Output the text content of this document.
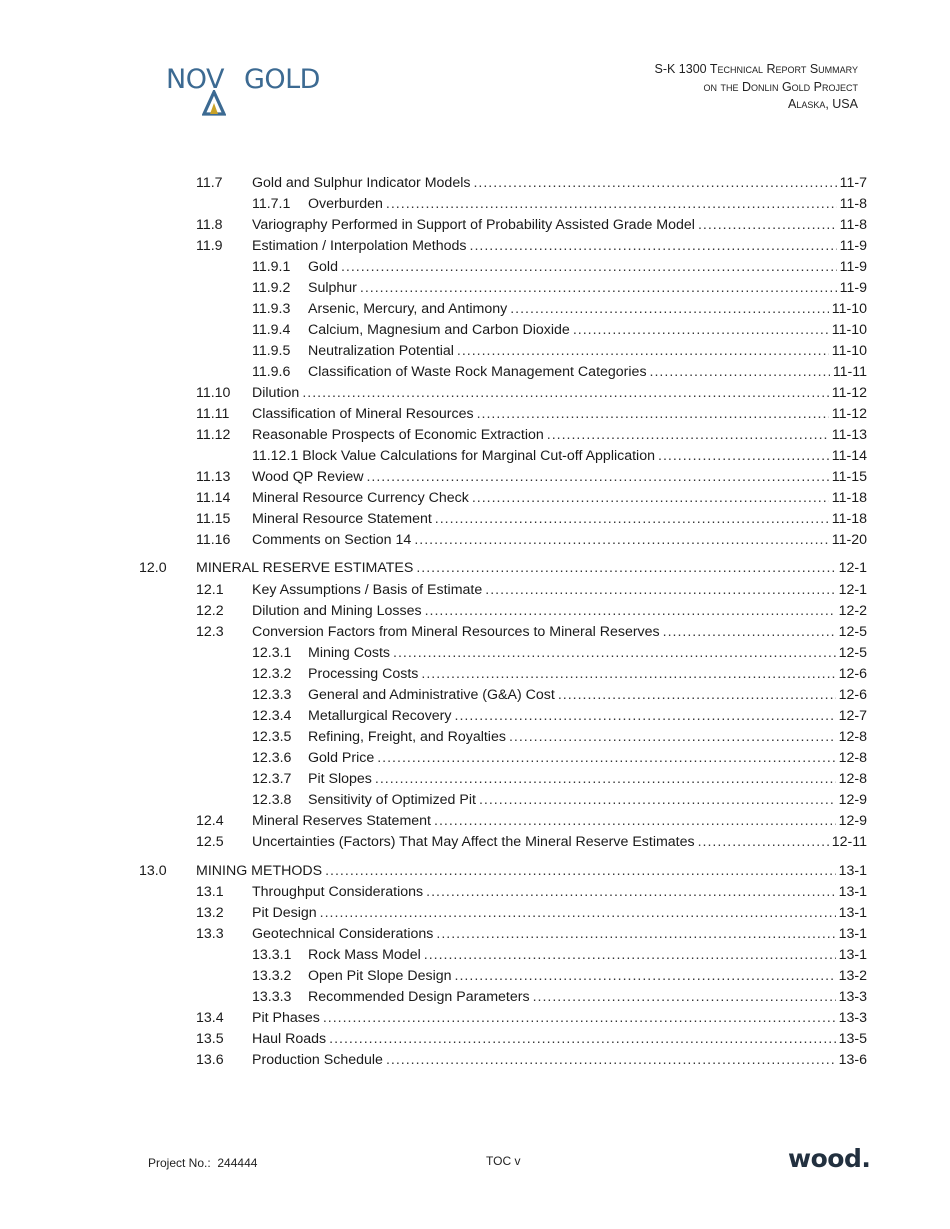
NOV GOLD	S-K 1300 Technical Report Summary
on the Donlin Gold Project
Alaska, USA
11.7 Gold and Sulphur Indicator Models .....	11-7
11.7.1 Overburden .....	11-8
11.8 Variography Performed in Support of Probability Assisted Grade Model .....	11-8
11.9 Estimation / Interpolation Methods .....	11-9
11.9.1 Gold .....	11-9
11.9.2 Sulphur .....	11-9
11.9.3 Arsenic, Mercury, and Antimony .....	11-10
11.9.4 Calcium, Magnesium and Carbon Dioxide .....	11-10
11.9.5 Neutralization Potential .....	11-10
11.9.6 Classification of Waste Rock Management Categories .....	11-11
11.10 Dilution .....	11-12
11.11 Classification of Mineral Resources .....	11-12
11.12 Reasonable Prospects of Economic Extraction .....	11-13
11.12.1 Block Value Calculations for Marginal Cut-off Application .....	11-14
11.13 Wood QP Review .....	11-15
11.14 Mineral Resource Currency Check .....	11-18
11.15 Mineral Resource Statement .....	11-18
11.16 Comments on Section 14 .....	11-20
12.0 MINERAL RESERVE ESTIMATES .....	12-1
12.1 Key Assumptions / Basis of Estimate .....	12-1
12.2 Dilution and Mining Losses .....	12-2
12.3 Conversion Factors from Mineral Resources to Mineral Reserves .....	12-5
12.3.1 Mining Costs .....	12-5
12.3.2 Processing Costs .....	12-6
12.3.3 General and Administrative (G&A) Cost .....	12-6
12.3.4 Metallurgical Recovery .....	12-7
12.3.5 Refining, Freight, and Royalties .....	12-8
12.3.6 Gold Price .....	12-8
12.3.7 Pit Slopes .....	12-8
12.3.8 Sensitivity of Optimized Pit .....	12-9
12.4 Mineral Reserves Statement .....	12-9
12.5 Uncertainties (Factors) That May Affect the Mineral Reserve Estimates .....	12-11
13.0 MINING METHODS .....	13-1
13.1 Throughput Considerations .....	13-1
13.2 Pit Design .....	13-1
13.3 Geotechnical Considerations .....	13-1
13.3.1 Rock Mass Model .....	13-1
13.3.2 Open Pit Slope Design .....	13-2
13.3.3 Recommended Design Parameters .....	13-3
13.4 Pit Phases .....	13-3
13.5 Haul Roads .....	13-5
13.6 Production Schedule .....	13-6
Project No.: 244444	TOC v	wood.
